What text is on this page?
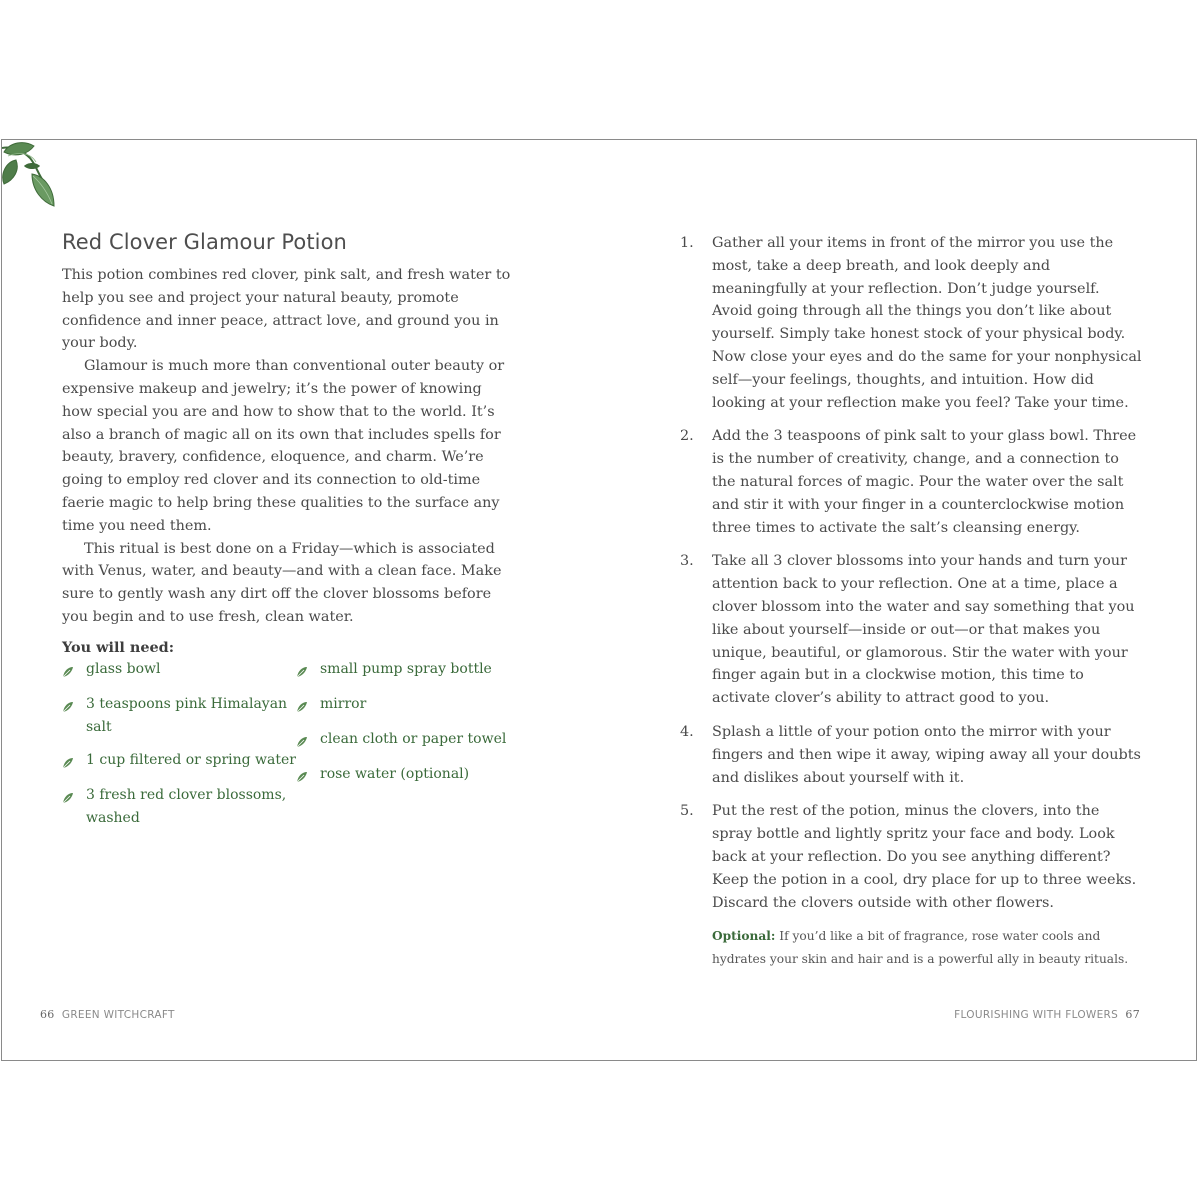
Red Clover Glamour Potion

This potion combines red clover, pink salt, and fresh water to help you see and project your natural beauty, promote confidence and inner peace, attract love, and ground you in your body.

Glamour is much more than conventional outer beauty or expensive makeup and jewelry; it’s the power of knowing how special you are and how to show that to the world. It’s also a branch of magic all on its own that includes spells for beauty, bravery, confidence, eloquence, and charm. We’re going to employ red clover and its connection to old-time faerie magic to help bring these qualities to the surface any time you need them.

This ritual is best done on a Friday—which is associated with Venus, water, and beauty—and with a clean face. Make sure to gently wash any dirt off the clover blossoms before you begin and to use fresh, clean water.

You will need:
glass bowl
3 teaspoons pink Himalayan salt
1 cup filtered or spring water
3 fresh red clover blossoms, washed
small pump spray bottle
mirror
clean cloth or paper towel
rose water (optional)
1.	Gather all your items in front of the mirror you use the most, take a deep breath, and look deeply and meaningfully at your reflection. Don’t judge yourself. Avoid going through all the things you don’t like about yourself. Simply take honest stock of your physical body. Now close your eyes and do the same for your nonphysical self—your feelings, thoughts, and intuition. How did looking at your reflection make you feel? Take your time.
2.	Add the 3 teaspoons of pink salt to your glass bowl. Three is the number of creativity, change, and a connection to the natural forces of magic. Pour the water over the salt and stir it with your finger in a counterclockwise motion three times to activate the salt’s cleansing energy.
3.	Take all 3 clover blossoms into your hands and turn your attention back to your reflection. One at a time, place a clover blossom into the water and say something that you like about yourself—inside or out—or that makes you unique, beautiful, or glamorous. Stir the water with your finger again but in a clockwise motion, this time to activate clover’s ability to attract good to you.
4.	Splash a little of your potion onto the mirror with your fingers and then wipe it away, wiping away all your doubts and dislikes about yourself with it.
5.	Put the rest of the potion, minus the clovers, into the spray bottle and lightly spritz your face and body. Look back at your reflection. Do you see anything different? Keep the potion in a cool, dry place for up to three weeks. Discard the clovers outside with other flowers.

Optional: If you’d like a bit of fragrance, rose water cools and hydrates your skin and hair and is a powerful ally in beauty rituals.

66 GREEN WITCHCRAFT	FLOURISHING WITH FLOWERS 67
